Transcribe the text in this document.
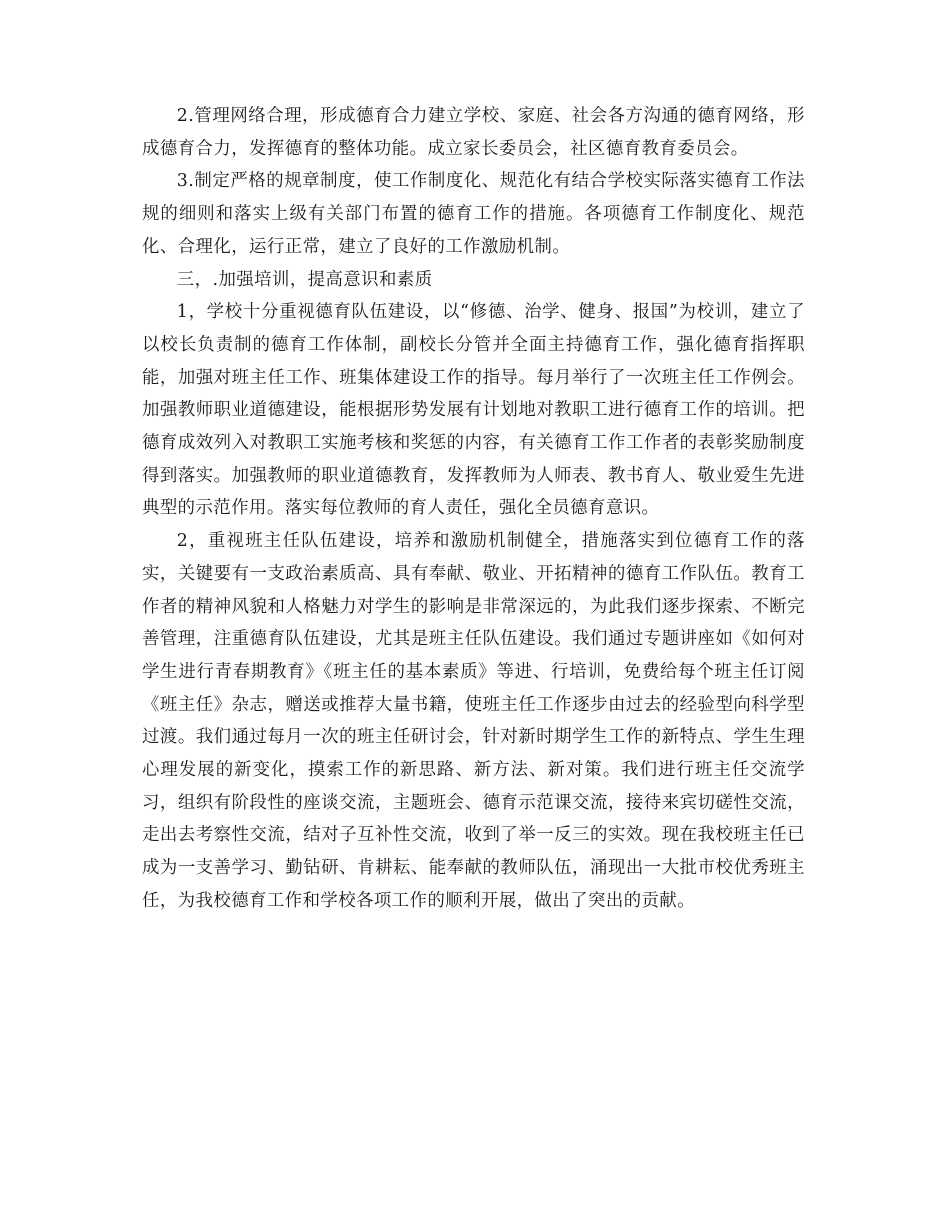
2.管理网络合理，形成德育合力建立学校、家庭、社会各方沟通的德育网络，形成德育合力，发挥德育的整体功能。成立家长委员会，社区德育教育委员会。

3.制定严格的规章制度，使工作制度化、规范化有结合学校实际落实德育工作法规的细则和落实上级有关部门布置的德育工作的措施。各项德育工作制度化、规范化、合理化，运行正常，建立了良好的工作激励机制。

三，.加强培训，提高意识和素质

1，学校十分重视德育队伍建设，以“修德、治学、健身、报国”为校训，建立了以校长负责制的德育工作体制，副校长分管并全面主持德育工作，强化德育指挥职能，加强对班主任工作、班集体建设工作的指导。每月举行了一次班主任工作例会。加强教师职业道德建设，能根据形势发展有计划地对教职工进行德育工作的培训。把德育成效列入对教职工实施考核和奖惩的内容，有关德育工作工作者的表彰奖励制度得到落实。加强教师的职业道德教育，发挥教师为人师表、教书育人、敬业爱生先进典型的示范作用。落实每位教师的育人责任，强化全员德育意识。

2，重视班主任队伍建设，培养和激励机制健全，措施落实到位德育工作的落实，关键要有一支政治素质高、具有奉献、敬业、开拓精神的德育工作队伍。教育工作者的精神风貌和人格魅力对学生的影响是非常深远的，为此我们逐步探索、不断完善管理，注重德育队伍建设，尤其是班主任队伍建设。我们通过专题讲座如《如何对学生进行青春期教育》《班主任的基本素质》等进、行培训，免费给每个班主任订阅《班主任》杂志，赠送或推荐大量书籍，使班主任工作逐步由过去的经验型向科学型过渡。我们通过每月一次的班主任研讨会，针对新时期学生工作的新特点、学生生理心理发展的新变化，摸索工作的新思路、新方法、新对策。我们进行班主任交流学习，组织有阶段性的座谈交流，主题班会、德育示范课交流，接待来宾切磋性交流，走出去考察性交流，结对子互补性交流，收到了举一反三的实效。现在我校班主任已成为一支善学习、勤钻研、肯耕耘、能奉献的教师队伍，涌现出一大批市校优秀班主任，为我校德育工作和学校各项工作的顺利开展，做出了突出的贡献。
